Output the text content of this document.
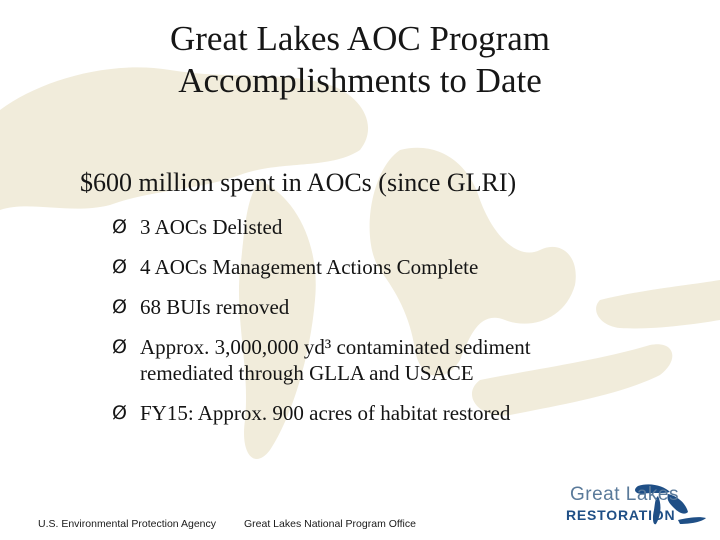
Great Lakes AOC Program
Accomplishments to Date
$600 million spent in AOCs (since GLRI)
Ø 3 AOCs Delisted
Ø 4 AOCs Management Actions Complete
Ø 68 BUIs removed
Ø Approx. 3,000,000 yd³ contaminated sediment
remediated through GLLA and USACE
Ø FY15: Approx. 900 acres of habitat restored
U.S. Environmental Protection Agency	Great Lakes National Program Office
Great Lakes
RESTORATION
